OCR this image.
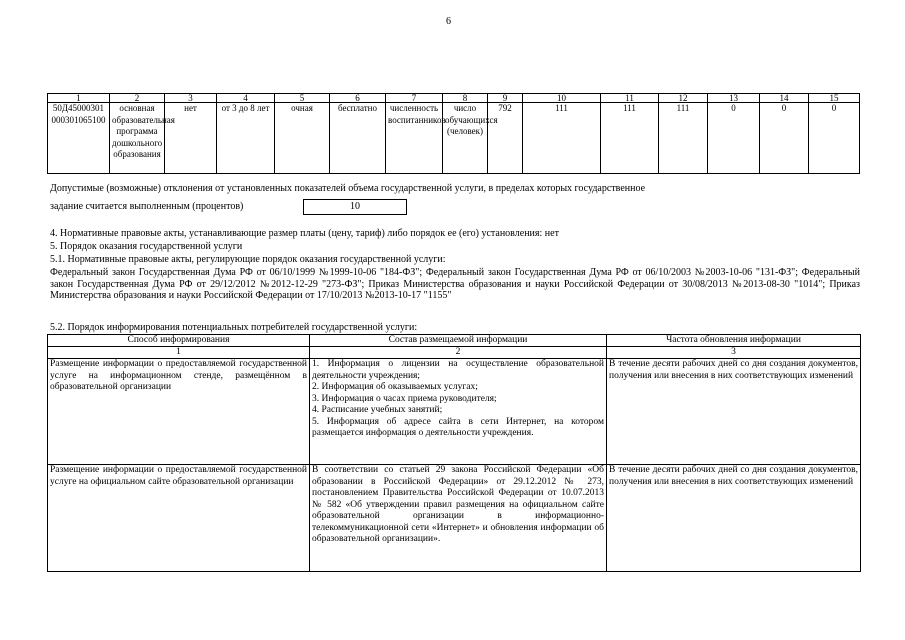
6
1	2	3	4	5	6	7	8	9	10	11	12	13	14	15
50Д45000301 000301065100	основная образовательная программа дошкольного образования	нет	от 3 до 8 лет	очная	бесплатно	численность воспитанников	число обучающихся (человек)	792	111	111	111	0	0	0
Допустимые (возможные) отклонения от установленных показателей объема государственной услуги, в пределах которых государственное
задание считается выполненным (процентов)	10
4. Нормативные правовые акты, устанавливающие размер платы (цену, тариф) либо порядок ее (его) установления: нет
5. Порядок оказания государственной услуги
5.1. Нормативные правовые акты, регулирующие порядок оказания государственной услуги:
Федеральный закон Государственная Дума РФ от 06/10/1999 №1999-10-06 "184-ФЗ"; Федеральный закон Государственная Дума РФ от 06/10/2003 №2003-10-06 "131-ФЗ"; Федеральный закон Государственная Дума РФ от 29/12/2012 №2012-12-29 "273-ФЗ"; Приказ Министерства образования и науки Российской Федерации от 30/08/2013 №2013-08-30 "1014"; Приказ Министерства образования и науки Российской Федерации от 17/10/2013 №2013-10-17 "1155"
5.2. Порядок информирования потенциальных потребителей государственной услуги:
Способ информирования	Состав размещаемой информации	Частота обновления информации
1	2	3
Размещение информации о предоставляемой государственной услуге на информационном стенде, размещённом в образовательной организации	1. Информация о лицензии на осуществление образовательной деятельности учреждения;
2. Информация об оказываемых услугах;
3. Информация о часах приема руководителя;
4. Расписание учебных занятий;
5. Информация об адресе сайта в сети Интернет, на котором размещается информация о деятельности учреждения.	В течение десяти рабочих дней со дня создания документов, получения или внесения в них соответствующих изменений
Размещение информации о предоставляемой государственной услуге на официальном сайте образовательной организации	В соответствии со статьей 29 закона Российской Федерации «Об образовании в Российской Федерации» от 29.12.2012 № 273, постановлением Правительства Российской Федерации от 10.07.2013 № 582 «Об утверждении правил размещения на официальном сайте образовательной организации в информационно-телекоммуникационной сети «Интернет» и обновления информации об образовательной организации».	В течение десяти рабочих дней со дня создания документов, получения или внесения в них соответствующих изменений
